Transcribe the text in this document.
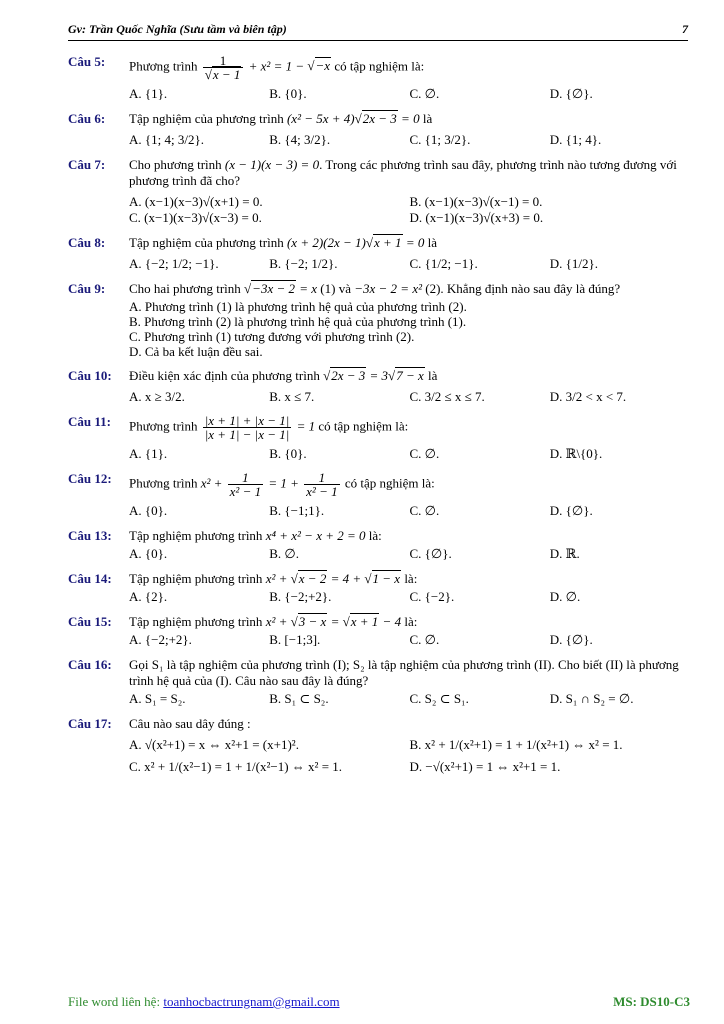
Gv: Trần Quốc Nghĩa (Sưu tầm và biên tập)	7
Câu 5: Phương trình $\frac{1}{√x - 1} + x^2 = 1 - √-x$ có tập nghiệm là:
A. {1}.	B. {0}.	C. ∅.	D. {∅}.
Câu 6: Tập nghiệm của phương trình (x² − 5x + 4)√2x − 3 = 0 là
A. {1; 4; 3/2}.	B. {4; 3/2}.	C. {1; 3/2}.	D. {1; 4}.
Câu 7: Cho phương trình (x − 1)(x − 3) = 0. Trong các phương trình sau đây, phương trình nào tương đương với phương trình đã cho?
A. (x−1)(x−3)√(x+1) = 0.	B. (x−1)(x−3)√(x−1) = 0.
C. (x−1)(x−3)√(x−3) = 0.	D. (x−1)(x−3)√(x+3) = 0.
Câu 8: Tập nghiệm của phương trình (x + 2)(2x − 1)√x + 1 = 0 là
A. {−2; 1/2; −1}.	B. {−2; 1/2}.	C. {1/2; −1}.	D. {1/2}.
Câu 9: Cho hai phương trình √−3x − 2 = x (1) và −3x − 2 = x² (2). Khẳng định nào sau đây là đúng?
A. Phương trình (1) là phương trình hệ quả của phương trình (2).
B. Phương trình (2) là phương trình hệ quả của phương trình (1).
C. Phương trình (1) tương đương với phương trình (2).
D. Cả ba kết luận đều sai.
Câu 10: Điều kiện xác định của phương trình √2x − 3 = 3√7 − x là
A. x ≥ 3/2.	B. x ≤ 7.	C. 3/2 ≤ x ≤ 7.	D. 3/2 < x < 7.
Câu 11: Phương trình $\frac{|x + 1| + |x - 1|}{|x + 1| - |x - 1|} = 1$ có tập nghiệm là:
A. {1}.	B. {0}.	C. ∅.	D. ℝ\{0}.
Câu 12: Phương trình $x^2 + \frac{1}{\text{x² − 1}} = 1 + \frac{1}{\text{x² − 1}}$ có tập nghiệm là:
A. {0}.	B. {−1;1}.	C. ∅.	D. {∅}.
Câu 13: Tập nghiệm phương trình x⁴ + x² − x + 2 = 0 là:
A. {0}.	B. ∅.	C. {∅}.	D. ℝ.
Câu 14: Tập nghiệm phương trình x² + √x − 2 = 4 + √1 − x là:
A. {2}.	B. {−2;+2}.	C. {−2}.	D. ∅.
Câu 15: Tập nghiệm phương trình x² + √3 − x = √x + 1 − 4 là:
A. {−2;+2}.	B. [−1;3].	C. ∅.	D. {∅}.
Câu 16: Gọi S₁ là tập nghiệm của phương trình (I); S₂ là tập nghiệm của phương trình (II). Cho biết (II) là phương trình hệ quả của (I). Câu nào sau đây là đúng?
A. S₁ = S₂.	B. S₁ ⊂ S₂.	C. S₂ ⊂ S₁.	D. S₁ ∩ S₂ = ∅.
Câu 17: Câu nào sau dây đúng :
A. √(x²+1) = x ⇔ x²+1 = (x+1)².	B. x² + 1/(x²+1) = 1 + 1/(x²+1) ⇔ x² = 1.
C. x² + 1/(x²−1) = 1 + 1/(x²−1) ⇔ x² = 1.	D. −√(x²+1) = 1 ⇔ x²+1 = 1.
File word liên hệ: toanhocbactrungnam@gmail.com	MS: DS10-C3
